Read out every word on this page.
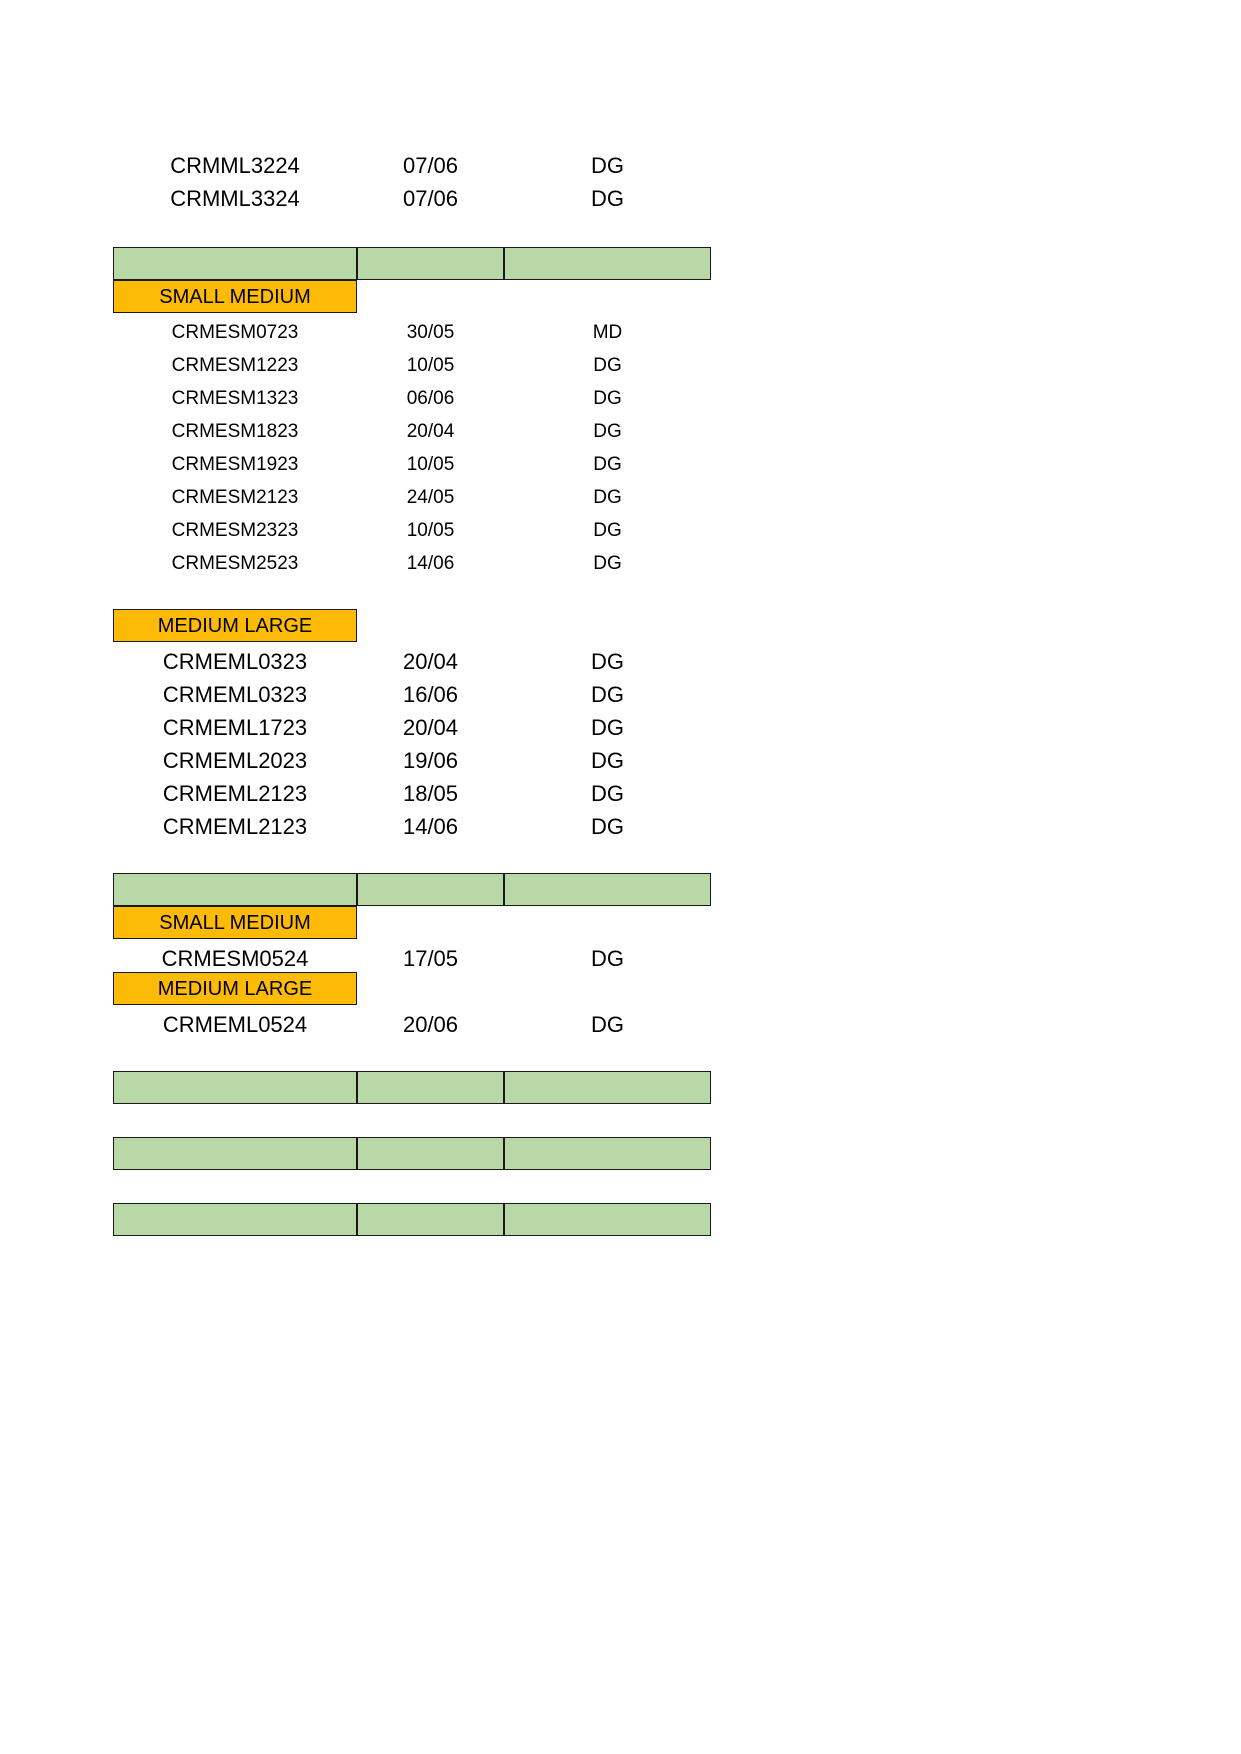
CRMML3224	07/06	DG
CRMML3324	07/06	DG
SMALL MEDIUM
CRMESM0723	30/05	MD
CRMESM1223	10/05	DG
CRMESM1323	06/06	DG
CRMESM1823	20/04	DG
CRMESM1923	10/05	DG
CRMESM2123	24/05	DG
CRMESM2323	10/05	DG
CRMESM2523	14/06	DG
MEDIUM LARGE
CRMEML0323	20/04	DG
CRMEML0323	16/06	DG
CRMEML1723	20/04	DG
CRMEML2023	19/06	DG
CRMEML2123	18/05	DG
CRMEML2123	14/06	DG
SMALL MEDIUM
CRMESM0524	17/05	DG
MEDIUM LARGE
CRMEML0524	20/06	DG
